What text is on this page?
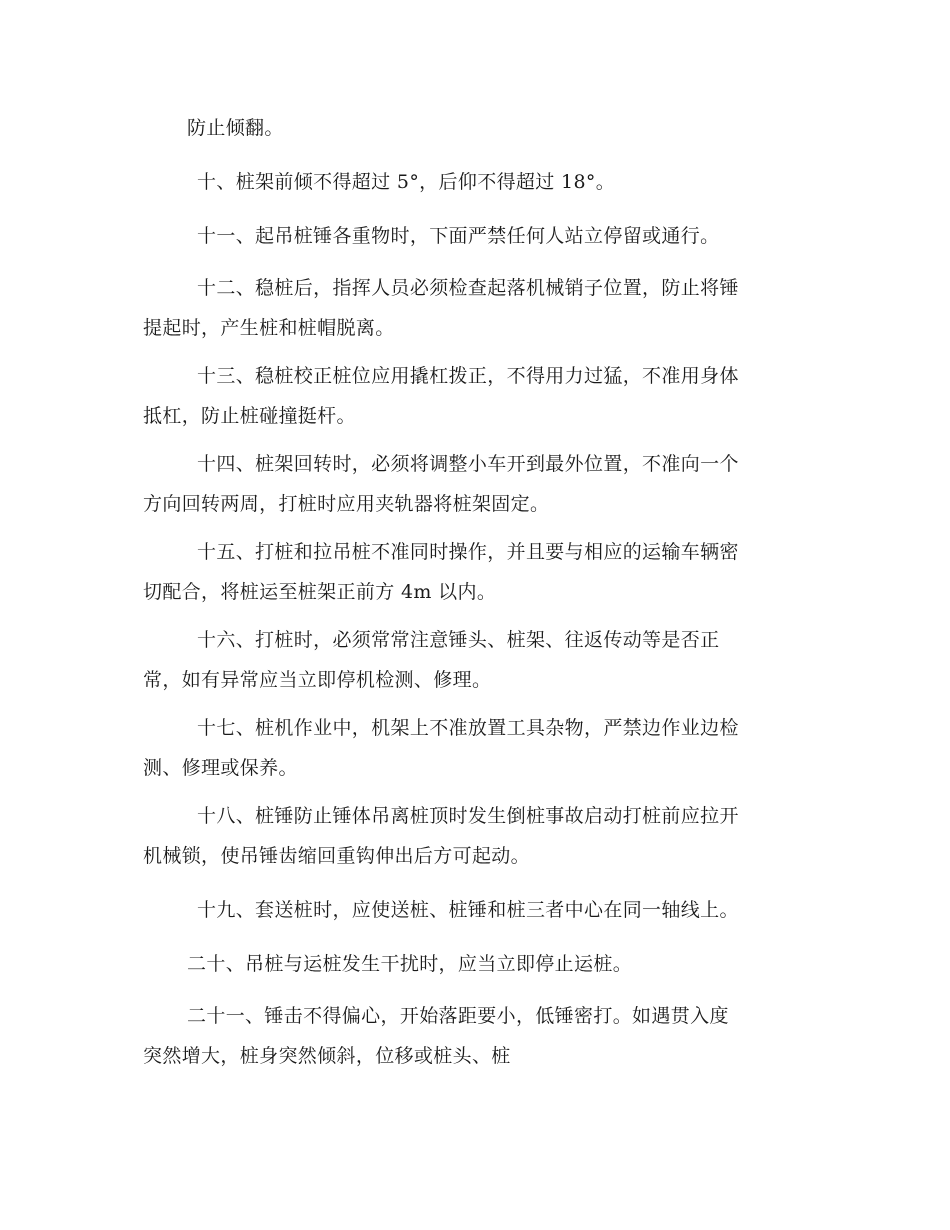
防止倾翻。
十、桩架前倾不得超过 5°，后仰不得超过 18°。
十一、起吊桩锤各重物时，下面严禁任何人站立停留或通行。
十二、稳桩后，指挥人员必须检查起落机械销子位置，防止将锤
提起时，产生桩和桩帽脱离。
十三、稳桩校正桩位应用撬杠拨正，不得用力过猛，不准用身体
抵杠，防止桩碰撞挺杆。
十四、桩架回转时，必须将调整小车开到最外位置，不准向一个
方向回转两周，打桩时应用夹轨器将桩架固定。
十五、打桩和拉吊桩不准同时操作，并且要与相应的运输车辆密
切配合，将桩运至桩架正前方 4m 以内。
十六、打桩时，必须常常注意锤头、桩架、往返传动等是否正
常，如有异常应当立即停机检测、修理。
十七、桩机作业中，机架上不准放置工具杂物，严禁边作业边检
测、修理或保养。
十八、桩锤防止锤体吊离桩顶时发生倒桩事故启动打桩前应拉开
机械锁，使吊锤齿缩回重钩伸出后方可起动。
十九、套送桩时，应使送桩、桩锤和桩三者中心在同一轴线上。
二十、吊桩与运桩发生干扰时，应当立即停止运桩。
二十一、锤击不得偏心，开始落距要小，低锤密打。如遇贯入度
突然增大，桩身突然倾斜，位移或桩头、桩
